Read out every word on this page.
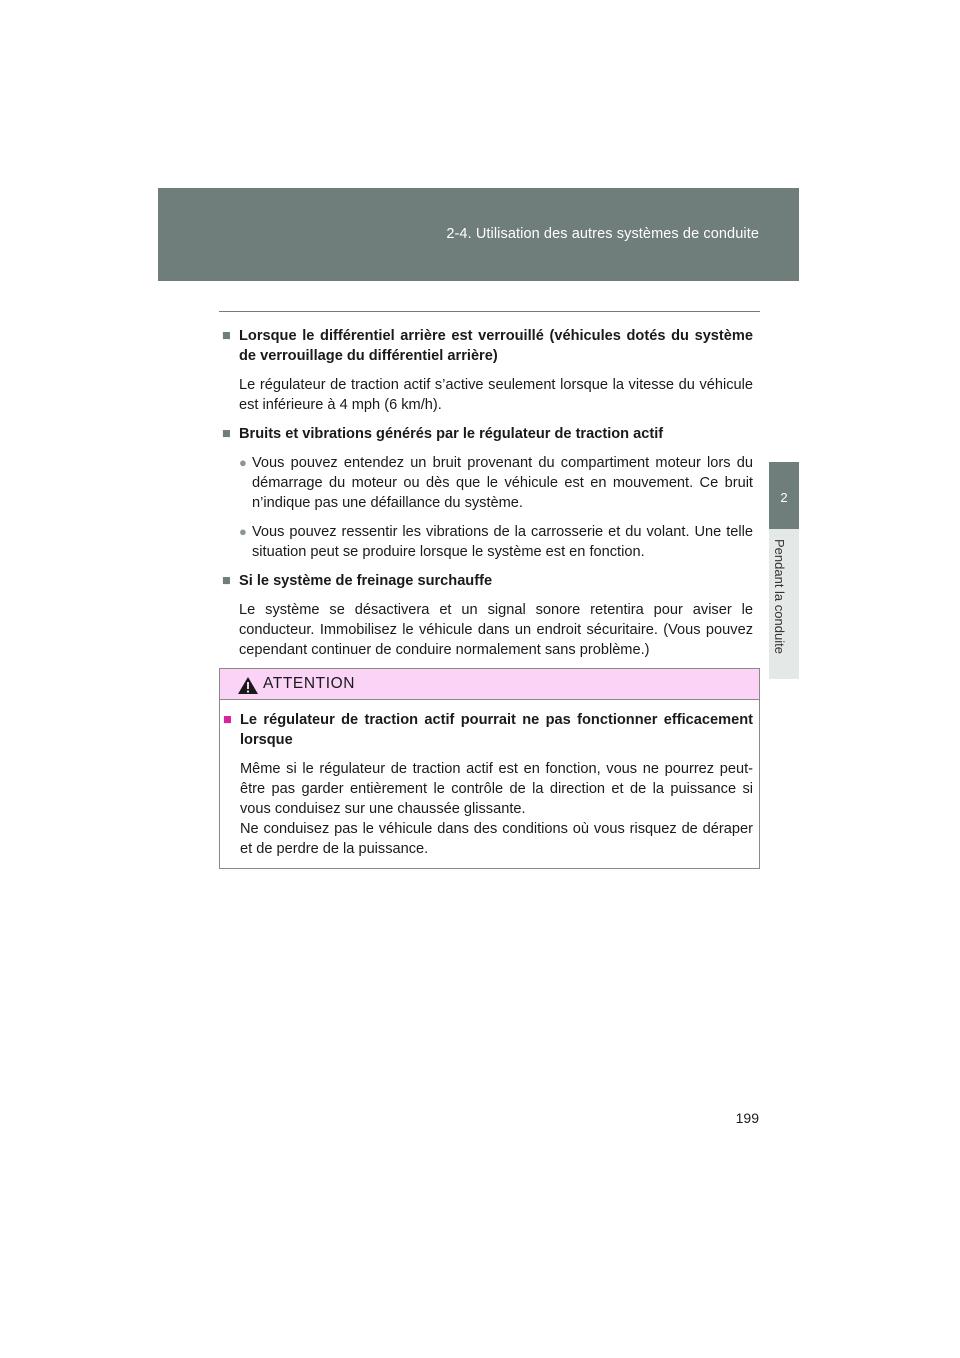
2-4. Utilisation des autres systèmes de conduite
2
Pendant la conduite
■ Lorsque le différentiel arrière est verrouillé (véhicules dotés du système de verrouillage du différentiel arrière)
Le régulateur de traction actif s’active seulement lorsque la vitesse du véhicule est inférieure à 4 mph (6 km/h).
■ Bruits et vibrations générés par le régulateur de traction actif
● Vous pouvez entendez un bruit provenant du compartiment moteur lors du démarrage du moteur ou dès que le véhicule est en mouvement. Ce bruit n’indique pas une défaillance du système.
● Vous pouvez ressentir les vibrations de la carrosserie et du volant. Une telle situation peut se produire lorsque le système est en fonction.
■ Si le système de freinage surchauffe
Le système se désactivera et un signal sonore retentira pour aviser le conducteur. Immobilisez le véhicule dans un endroit sécuritaire. (Vous pouvez cependant continuer de conduire normalement sans problème.)
ATTENTION
■ Le régulateur de traction actif pourrait ne pas fonctionner efficacement lorsque
Même si le régulateur de traction actif est en fonction, vous ne pourrez peut-être pas garder entièrement le contrôle de la direction et de la puissance si vous conduisez sur une chaussée glissante.
Ne conduisez pas le véhicule dans des conditions où vous risquez de déraper et de perdre de la puissance.
199
